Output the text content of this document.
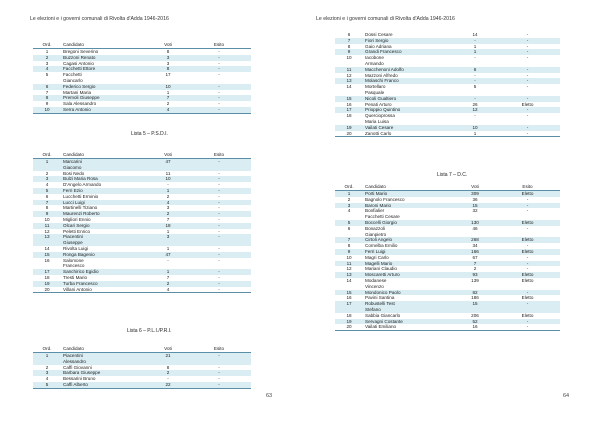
Le elezioni e i governi comunali di Rivolta d'Adda 1946-2016
Ord.	Candidato	Voti	Esito
1	Bregoni Severino	8	-
2	Buzzoni Renato	3	-
3	Cagasi Antonio	3	-
4	Facchetti Ettore	8	-
5	Facchetti	17	-
	Giancarlo		
6	Federico Sergio	10	-
7	Martani Maria	1	-
8	Premoli Giuseppe	7	-
9	Sala Alessandro	2	-
10	Serra Antonio	4	-
Lista 5 – P.S.D.I.
Ord.	Candidato	Voti	Esito
1	Marcarini	47	-
	Giacomo		
2	Bosi Nedo	11	-
3	Bulzi Maria Rosa	10	-
4	D'Angelo Armando	-	-
5	Ferri Ezio	1	-
6	Lucchetti Erminio	2	-
7	Lucci Luigi	4	-
8	Martinelli Tiziano	3	-
9	Maurenzi Roberto	2	-
10	Migliori Ennio	7	-
11	Olcari Sergio	18	-
12	Peletti Enrico	1	-
13	Piacentini	3	-
	Giuseppe		
14	Rivolta Luigi	1	-
15	Ronga Bagenio	47	-
16	Salomone	-	-
	Francesco		
17	Sanchirico Egidio	1	-
18	Tresti Mario	7	-
19	Turba Francesco	2	-
20	Villani Antonio	4	-
Lista 6 – P.L.I./P.R.I.
Ord.	Candidato	Voti	Esito
1	Piacentini	21	-
	Alessandro		
2	Caffi Giovanni	8	-
3	Barbara Giuseppe	2	-
4	Bessarini Bruno	-	-
5	Caffi Alberto	22	-
63
Le elezioni e i governi comunali di Rivolta d'Adda 1946-2016
6	Dossi Cesare	14	-
7	Fiori Sergio	-	-
8	Gaio Adriana	1	-
9	Grandi Francesco	1	-
10	Iacobone	-	-
	Armando		
11	Macchenoni Adolfo	6	-
12	Mazzoni Alfredo	-	-
13	Molaschi Franco	-	-
14	Mortellaro	5	-
	Pasquale		
15	Nicoli Gualtiero	-	-
16	Penati Arturo	26	Eletto
17	Prioppio Quintino	12	-
18	Quercioprossa	-	-
	Maria Luisa		
19	Vailati Cesare	10	-
20	Zanotti Carlo	1	-
Lista 7 – D.C.
Ord.	Candidato	Voti	Esito
1	Porti Mario	309	Eletto
2	Bagnolo Francesco	36	-
3	Baroni Mario	15	-
4	Bonfialier	32	-
	Facchetti Cesare		
5	Boccelli Giorgio	130	Eletto
6	Bonazzoli	46	-
	Gianpietro		
7	Cirtoli Angelo	268	Eletto
8	Cornelba Emilio	34	-
9	Ferri Luigi	166	Eletto
10	Magri Carlo	67	-
11	Magelli Mario	7	-
12	Mariani Claudio	2	-
13	Moscaretti Arturo	93	Eletto
14	Modanese	139	Eletto
	Vincenzo		
15	Mondonico Paolo	82	-
16	Pavini Santina	186	Eletto
17	Robustelli Test	15	-
	Stefano		
18	Sabbia Giancarlo	206	Eletto
19	Servagni Costante	52	-
20	Vailati Emiliano	16	-
64
